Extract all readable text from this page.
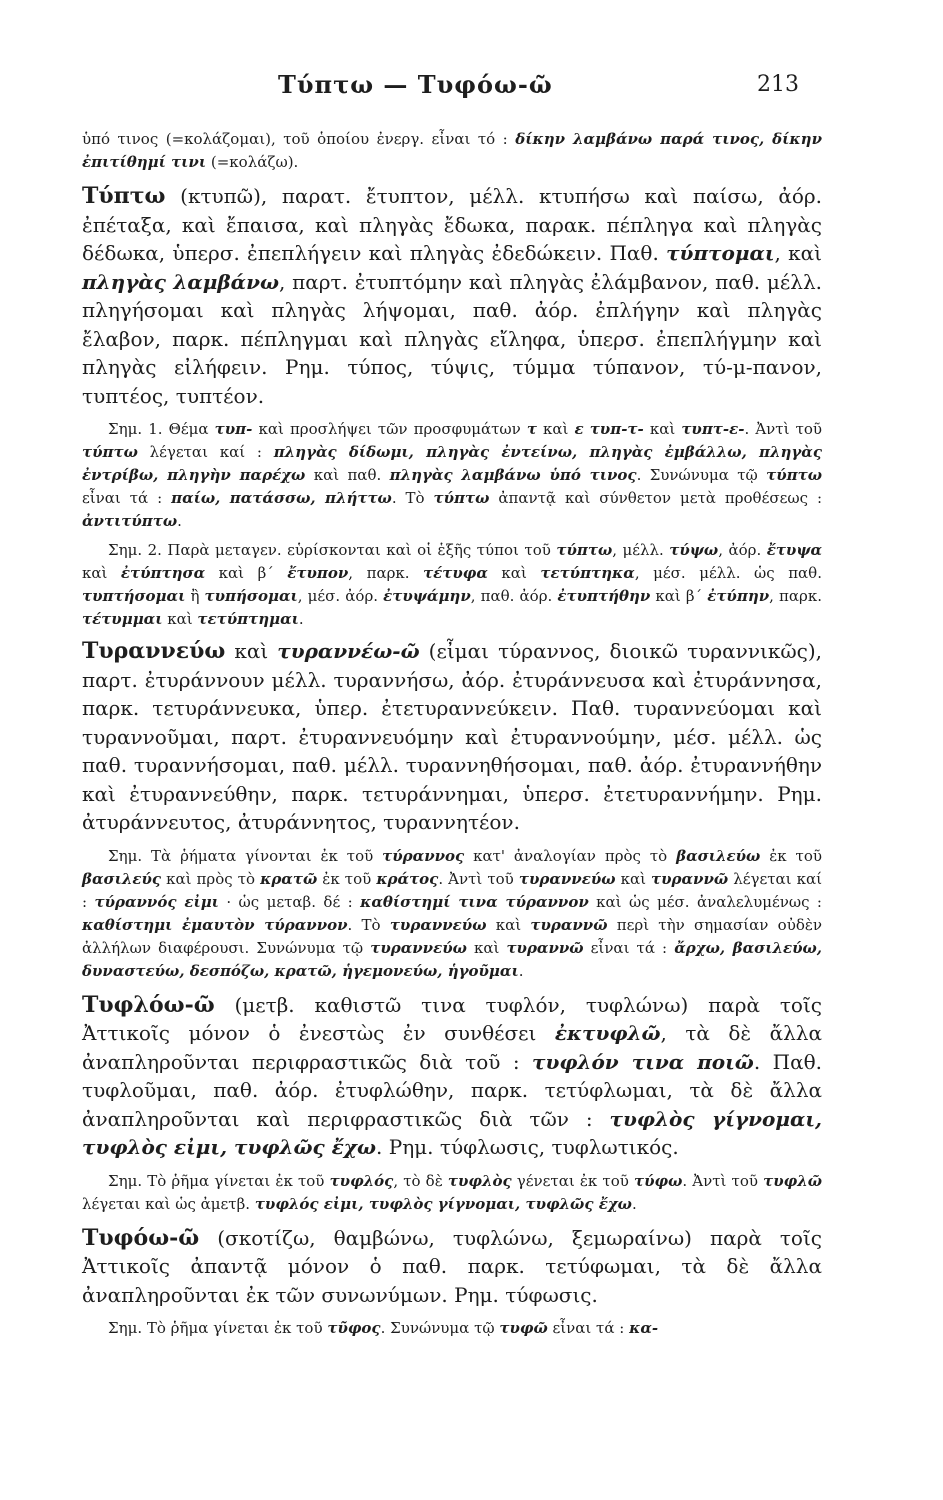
Τύπτω — Τυφόω-ῶ	213

ὑπό τινος (=κολάζομαι), τοῦ ὁποίου ἐνεργ. εἶναι τό : δίκην λαμβάνω παρά τινος, δίκην ἐπιτίθημί τινι (=κολάζω).

Τύπτω (κτυπῶ), παρατ. ἔτυπτον, μέλλ. κτυπήσω καὶ παίσω, ἀόρ. ἐπέταξα, καὶ ἔπαισα, καὶ πληγὰς ἔδωκα, παρακ. πέπληγα καὶ πληγὰς δέδωκα, ὑπερσ. ἐπεπλήγειν καὶ πληγὰς ἐδεδώκειν. Παθ. τύπτομαι, καὶ πληγὰς λαμβάνω, παρτ. ἐτυπτόμην καὶ πληγὰς ἐλάμβανον, παθ. μέλλ. πληγήσομαι καὶ πληγὰς λήψομαι, παθ. ἀόρ. ἐπλήγην καὶ πληγὰς ἔλαβον, παρκ. πέπληγμαι καὶ πληγὰς εἴληφα, ὑπερσ. ἐπεπλήγμην καὶ πληγὰς εἰλήφειν. Ρημ. τύπος, τύψις, τύμμα τύπανον, τύ-μ-πανον, τυπτέος, τυπτέον.

Σημ. 1. Θέμα τυπ- καὶ προσλήψει τῶν προσφυμάτων τ καὶ ε τυπ-τ- καὶ τυπτ-ε-. Ἀντὶ τοῦ τύπτω λέγεται καί : πληγὰς δίδωμι, πληγὰς ἐντείνω, πληγὰς ἐμβάλλω, πληγὰς ἐντρίβω, πληγὴν παρέχω καὶ παθ. πληγὰς λαμβάνω ὑπό τινος. Συνώνυμα τῷ τύπτω εἶναι τά : παίω, πατάσσω, πλήττω. Τὸ τύπτω ἀπαντᾷ καὶ σύνθετον μετὰ προθέσεως : ἀντιτύπτω.

Σημ. 2. Παρὰ μεταγεν. εὑρίσκονται καὶ οἱ ἑξῆς τύποι τοῦ τύπτω, μέλλ. τύψω, ἀόρ. ἔτυψα καὶ ἐτύπτησα καὶ β΄ ἔτυπον, παρκ. τέτυφα καὶ τετύπτηκα, μέσ. μέλλ. ὡς παθ. τυπτήσομαι ἢ τυπήσομαι, μέσ. ἀόρ. ἐτυψάμην, παθ. ἀόρ. ἐτυπτήθην καὶ β΄ ἐτύπην, παρκ. τέτυμμαι καὶ τετύπτημαι.

Τυραννεύω καὶ τυραννέω-ῶ (εἶμαι τύραννος, διοικῶ τυραννικῶς), παρτ. ἐτυράννουν μέλλ. τυραννήσω, ἀόρ. ἐτυράννευσα καὶ ἐτυράννησα, παρκ. τετυράννευκα, ὑπερ. ἐτετυραννεύκειν. Παθ. τυραννεύομαι καὶ τυραννοῦμαι, παρτ. ἐτυραννευόμην καὶ ἐτυραννούμην, μέσ. μέλλ. ὡς παθ. τυραννήσομαι, παθ. μέλλ. τυραννηθήσομαι, παθ. ἀόρ. ἐτυραννήθην καὶ ἐτυραννεύθην, παρκ. τετυράννημαι, ὑπερσ. ἐτετυραννήμην. Ρημ. ἀτυράννευτος, ἀτυράννητος, τυραννητέον.

Σημ. Τὰ ῥήματα γίνονται ἐκ τοῦ τύραννος κατ' ἀναλογίαν πρὸς τὸ βασιλεύω ἐκ τοῦ βασιλεύς καὶ πρὸς τὸ κρατῶ ἐκ τοῦ κράτος. Ἀντὶ τοῦ τυραννεύω καὶ τυραννῶ λέγεται καί : τύραννός εἰμι · ὡς μεταβ. δέ : καθίστημί τινα τύραννον καὶ ὡς μέσ. ἀναλελυμένως : καθίστημι ἐμαυτὸν τύραννον. Τὸ τυραννεύω καὶ τυραννῶ περὶ τὴν σημασίαν οὐδὲν ἀλλήλων διαφέρουσι. Συνώνυμα τῷ τυραννεύω καὶ τυραννῶ εἶναι τά : ἄρχω, βασιλεύω, δυναστεύω, δεσπόζω, κρατῶ, ἡγεμονεύω, ἡγοῦμαι.

Τυφλόω-ῶ (μετβ. καθιστῶ τινα τυφλόν, τυφλώνω) παρὰ τοῖς Ἀττικοῖς μόνον ὁ ἐνεστὼς ἐν συνθέσει ἐκτυφλῶ, τὰ δὲ ἄλλα ἀναπληροῦνται περιφραστικῶς διὰ τοῦ : τυφλόν τινα ποιῶ. Παθ. τυφλοῦμαι, παθ. ἀόρ. ἐτυφλώθην, παρκ. τετύφλωμαι, τὰ δὲ ἄλλα ἀναπληροῦνται καὶ περιφραστικῶς διὰ τῶν : τυφλὸς γίγνομαι, τυφλὸς εἰμι, τυφλῶς ἔχω. Ρημ. τύφλωσις, τυφλωτικός.

Σημ. Τὸ ῥῆμα γίνεται ἐκ τοῦ τυφλός, τὸ δὲ τυφλὸς γένεται ἐκ τοῦ τύφω. Ἀντὶ τοῦ τυφλῶ λέγεται καὶ ὡς ἀμετβ. τυφλός εἰμι, τυφλὸς γίγνομαι, τυφλῶς ἔχω.

Τυφόω-ῶ (σκοτίζω, θαμβώνω, τυφλώνω, ξεμωραίνω) παρὰ τοῖς Ἀττικοῖς ἀπαντᾷ μόνον ὁ παθ. παρκ. τετύφωμαι, τὰ δὲ ἄλλα ἀναπληροῦνται ἐκ τῶν συνωνύμων. Ρημ. τύφωσις.

Σημ. Τὸ ῥῆμα γίνεται ἐκ τοῦ τῦφος. Συνώνυμα τῷ τυφῶ εἶναι τά : κα-
